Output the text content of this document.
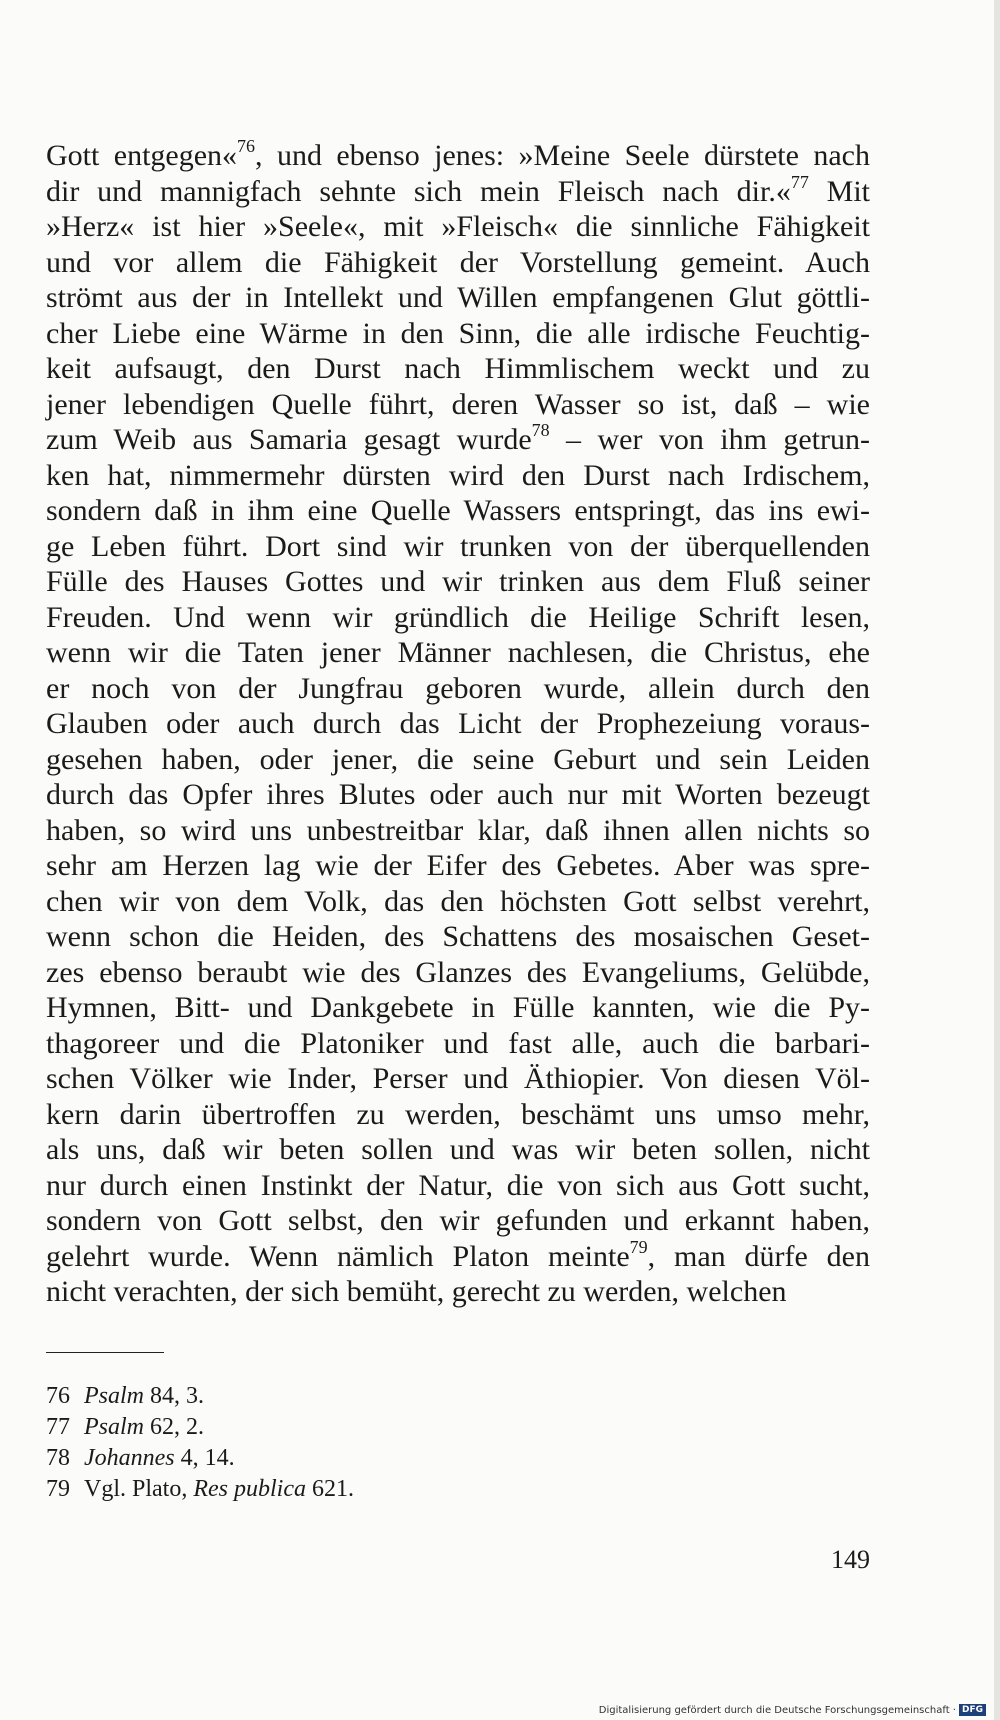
Gott entgegen«$^{76}$, und ebenso jenes: »Meine Seele dürstete nach
dir und mannigfach sehnte sich mein Fleisch nach dir.«$^{77}$ Mit
»Herz« ist hier »Seele«, mit »Fleisch« die sinnliche Fähigkeit
und vor allem die Fähigkeit der Vorstellung gemeint. Auch
strömt aus der in Intellekt und Willen empfangenen Glut göttli-
cher Liebe eine Wärme in den Sinn, die alle irdische Feuchtig-
keit aufsaugt, den Durst nach Himmlischem weckt und zu
jener lebendigen Quelle führt, deren Wasser so ist, daß – wie
zum Weib aus Samaria gesagt wurde$^{78}$ – wer von ihm getrun-
ken hat, nimmermehr dürsten wird den Durst nach Irdischem,
sondern daß in ihm eine Quelle Wassers entspringt, das ins ewi-
ge Leben führt. Dort sind wir trunken von der überquellenden
Fülle des Hauses Gottes und wir trinken aus dem Fluß seiner
Freuden. Und wenn wir gründlich die Heilige Schrift lesen,
wenn wir die Taten jener Männer nachlesen, die Christus, ehe
er noch von der Jungfrau geboren wurde, allein durch den
Glauben oder auch durch das Licht der Prophezeiung voraus-
gesehen haben, oder jener, die seine Geburt und sein Leiden
durch das Opfer ihres Blutes oder auch nur mit Worten bezeugt
haben, so wird uns unbestreitbar klar, daß ihnen allen nichts so
sehr am Herzen lag wie der Eifer des Gebetes. Aber was spre-
chen wir von dem Volk, das den höchsten Gott selbst verehrt,
wenn schon die Heiden, des Schattens des mosaischen Geset-
zes ebenso beraubt wie des Glanzes des Evangeliums, Gelübde,
Hymnen, Bitt- und Dankgebete in Fülle kannten, wie die Py-
thagoreer und die Platoniker und fast alle, auch die barbari-
schen Völker wie Inder, Perser und Äthiopier. Von diesen Völ-
kern darin übertroffen zu werden, beschämt uns umso mehr,
als uns, daß wir beten sollen und was wir beten sollen, nicht
nur durch einen Instinkt der Natur, die von sich aus Gott sucht,
sondern von Gott selbst, den wir gefunden und erkannt haben,
gelehrt wurde. Wenn nämlich Platon meinte$^{79}$, man dürfe den
nicht verachten, der sich bemüht, gerecht zu werden, welchen
76 Psalm 84, 3.
77 Psalm 62, 2.
78 Johannes 4, 14.
79 Vgl. Plato, Res publica 621.
149
Digitalisierung gefördert durch die Deutsche Forschungsgemeinschaft · DFG
